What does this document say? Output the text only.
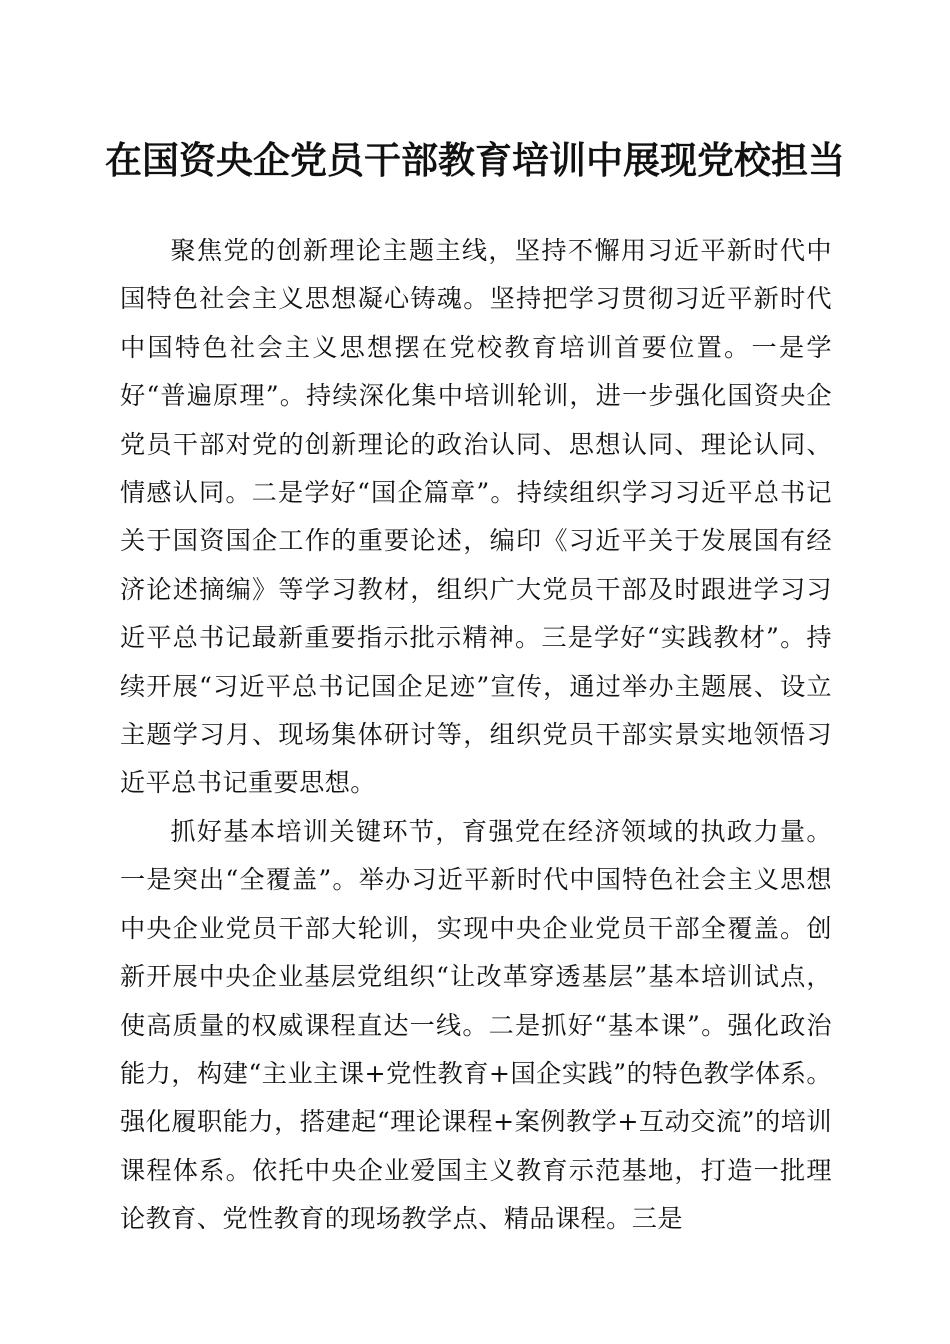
在国资央企党员干部教育培训中展现党校担当

聚焦党的创新理论主题主线，坚持不懈用习近平新时代中国特色社会主义思想凝心铸魂。坚持把学习贯彻习近平新时代中国特色社会主义思想摆在党校教育培训首要位置。一是学好“普遍原理”。持续深化集中培训轮训，进一步强化国资央企党员干部对党的创新理论的政治认同、思想认同、理论认同、情感认同。二是学好“国企篇章”。持续组织学习习近平总书记关于国资国企工作的重要论述，编印《习近平关于发展国有经济论述摘编》等学习教材，组织广大党员干部及时跟进学习习近平总书记最新重要指示批示精神。三是学好“实践教材”。持续开展“习近平总书记国企足迹”宣传，通过举办主题展、设立主题学习月、现场集体研讨等，组织党员干部实景实地领悟习近平总书记重要思想。

抓好基本培训关键环节，育强党在经济领域的执政力量。一是突出“全覆盖”。举办习近平新时代中国特色社会主义思想中央企业党员干部大轮训，实现中央企业党员干部全覆盖。创新开展中央企业基层党组织“让改革穿透基层”基本培训试点，使高质量的权威课程直达一线。二是抓好“基本课”。强化政治能力，构建“主业主课+党性教育+国企实践”的特色教学体系。强化履职能力，搭建起“理论课程+案例教学+互动交流”的培训课程体系。依托中央企业爱国主义教育示范基地，打造一批理论教育、党性教育的现场教学点、精品课程。三是
